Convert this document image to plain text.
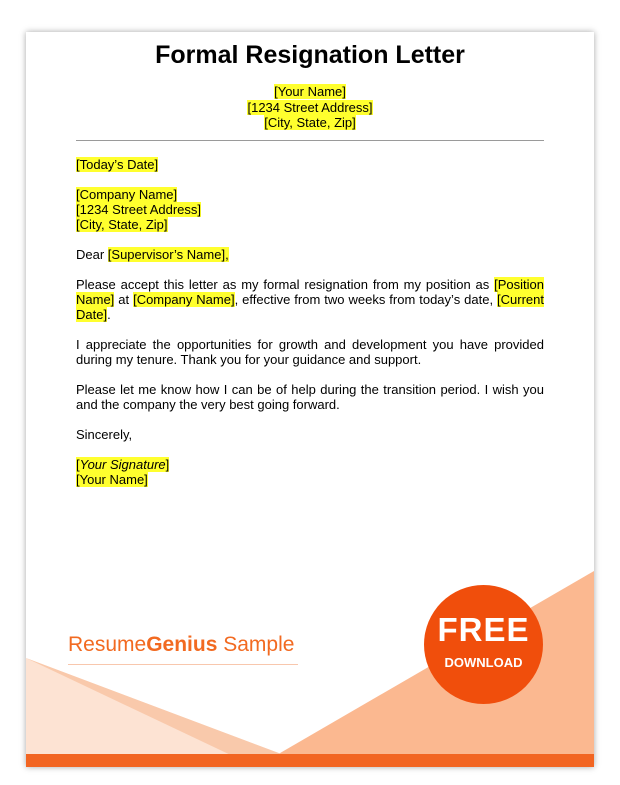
Formal Resignation Letter
[Your Name]
[1234 Street Address]
[City, State, Zip]

[Today’s Date]

[Company Name]

[1234 Street Address]

[City, State, Zip]

Dear [Supervisor’s Name],

Please accept this letter as my formal resignation from my position as [Position Name] at [Company Name], effective from two weeks from today’s date, [Current Date].

I appreciate the opportunities for growth and development you have provided during my tenure. Thank you for your guidance and support.

Please let me know how I can be of help during the transition period. I wish you and the company the very best going forward.

Sincerely,

[Your Signature]

[Your Name]

ResumeGenius Sample	FREE
DOWNLOAD
